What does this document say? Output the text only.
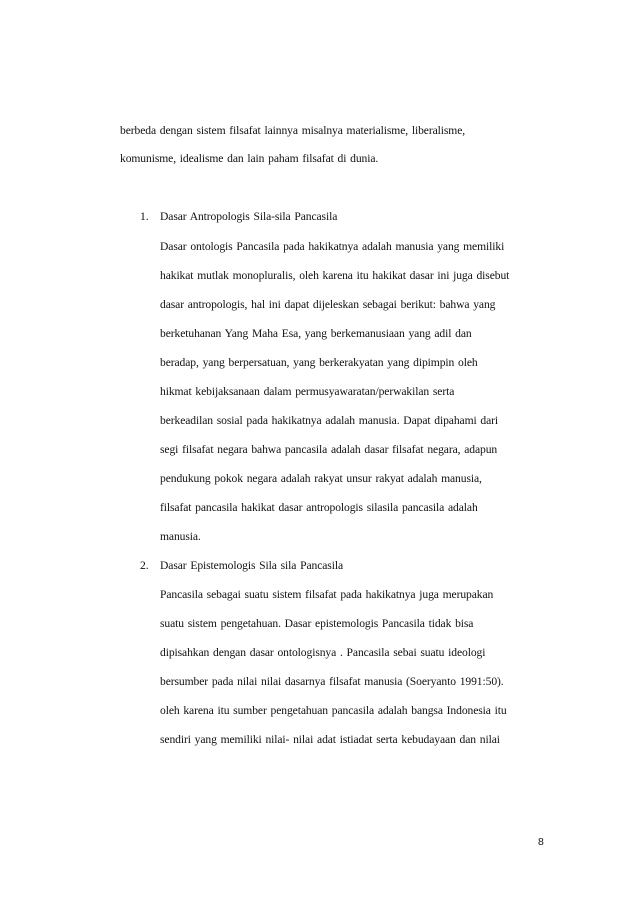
berbeda dengan sistem filsafat lainnya misalnya materialisme, liberalisme,
komunisme, idealisme dan lain paham filsafat di dunia.
1. Dasar Antropologis Sila-sila Pancasila
Dasar ontologis Pancasila pada hakikatnya adalah manusia yang memiliki
hakikat mutlak monopluralis, oleh karena itu hakikat dasar ini juga disebut
dasar antropologis, hal ini dapat dijeleskan sebagai berikut: bahwa yang
berketuhanan Yang Maha Esa, yang berkemanusiaan yang adil dan
beradap, yang berpersatuan, yang berkerakyatan yang dipimpin oleh
hikmat kebijaksanaan dalam permusyawaratan/perwakilan serta
berkeadilan sosial pada hakikatnya adalah manusia. Dapat dipahami dari
segi filsafat negara bahwa pancasila adalah dasar filsafat negara, adapun
pendukung pokok negara adalah rakyat unsur rakyat adalah manusia,
filsafat pancasila hakikat dasar antropologis silasila pancasila adalah
manusia.
2. Dasar Epistemologis Sila sila Pancasila
Pancasila sebagai suatu sistem filsafat pada hakikatnya juga merupakan
suatu sistem pengetahuan. Dasar epistemologis Pancasila tidak bisa
dipisahkan dengan dasar ontologisnya . Pancasila sebai suatu ideologi
bersumber pada nilai nilai dasarnya filsafat manusia (Soeryanto 1991:50).
oleh karena itu sumber pengetahuan pancasila adalah bangsa Indonesia itu
sendiri yang memiliki nilai- nilai adat istiadat serta kebudayaan dan nilai
8
